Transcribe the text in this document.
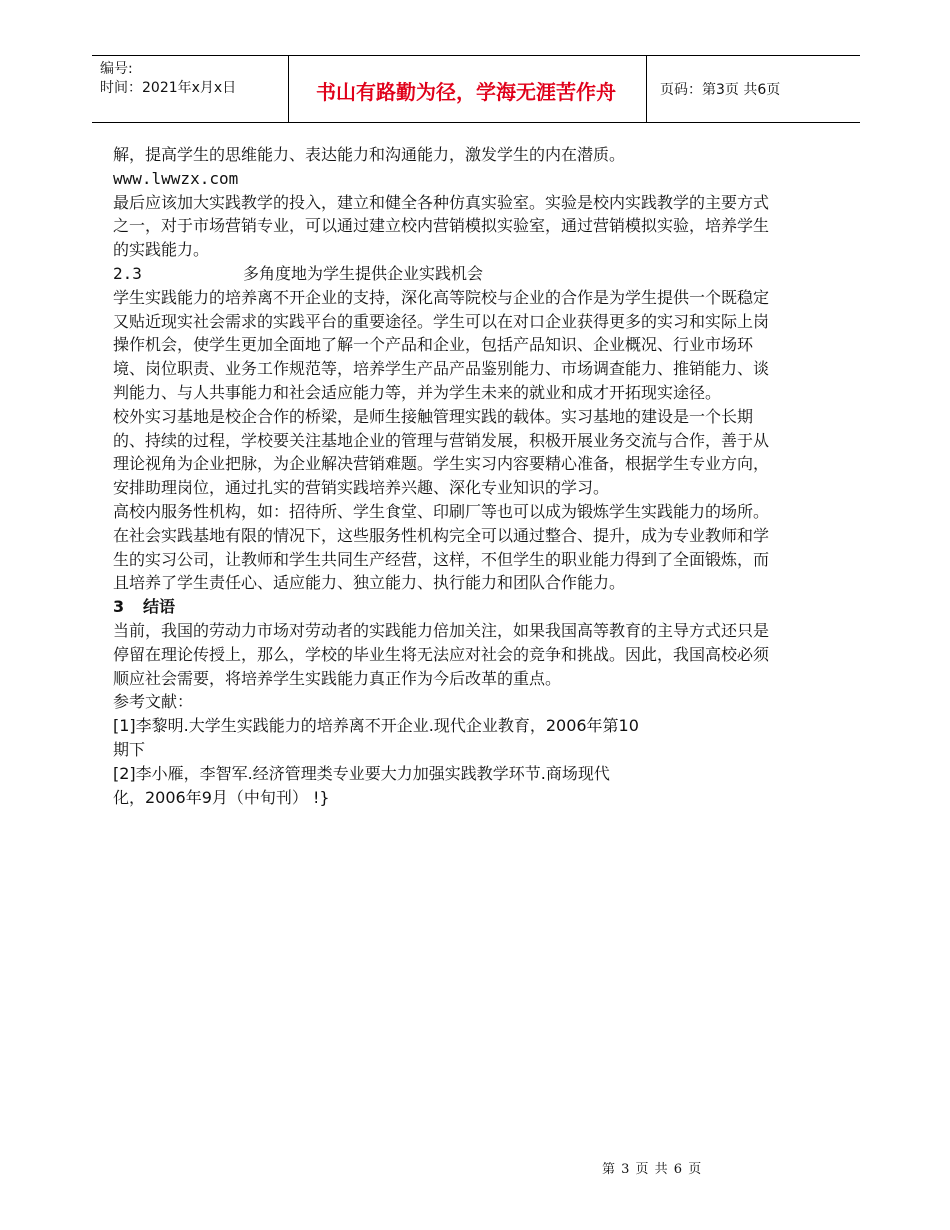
编号:
时间：2021年x月x日	书山有路勤为径，学海无涯苦作舟	页码：第3页 共6页

解，提高学生的思维能力、表达能力和沟通能力，激发学生的内在潜质。

www.lwwzx.com

最后应该加大实践教学的投入，建立和健全各种仿真实验室。实验是校内实践教学的主要方式之一，对于市场营销专业，可以通过建立校内营销模拟实验室，通过营销模拟实验，培养学生的实践能力。

2.3	多角度地为学生提供企业实践机会

学生实践能力的培养离不开企业的支持，深化高等院校与企业的合作是为学生提供一个既稳定又贴近现实社会需求的实践平台的重要途径。学生可以在对口企业获得更多的实习和实际上岗操作机会，使学生更加全面地了解一个产品和企业，包括产品知识、企业概况、行业市场环境、岗位职责、业务工作规范等，培养学生产品产品鉴别能力、市场调查能力、推销能力、谈判能力、与人共事能力和社会适应能力等，并为学生未来的就业和成才开拓现实途径。

校外实习基地是校企合作的桥梁，是师生接触管理实践的载体。实习基地的建设是一个长期的、持续的过程，学校要关注基地企业的管理与营销发展，积极开展业务交流与合作，善于从理论视角为企业把脉，为企业解决营销难题。学生实习内容要精心准备，根据学生专业方向，安排助理岗位，通过扎实的营销实践培养兴趣、深化专业知识的学习。

高校内服务性机构，如：招待所、学生食堂、印刷厂等也可以成为锻炼学生实践能力的场所。在社会实践基地有限的情况下，这些服务性机构完全可以通过整合、提升，成为专业教师和学生的实习公司，让教师和学生共同生产经营，这样，不但学生的职业能力得到了全面锻炼，而且培养了学生责任心、适应能力、独立能力、执行能力和团队合作能力。

3 结语

当前，我国的劳动力市场对劳动者的实践能力倍加关注，如果我国高等教育的主导方式还只是停留在理论传授上，那么，学校的毕业生将无法应对社会的竞争和挑战。因此，我国高校必须顺应社会需要，将培养学生实践能力真正作为今后改革的重点。

参考文献：

[1]李黎明.大学生实践能力的培养离不开企业.现代企业教育，2006年第10
期下

[2]李小雁，李智军.经济管理类专业要大力加强实践教学环节.商场现代
化，2006年9月（中旬刊） !}

第 3 页 共 6 页
